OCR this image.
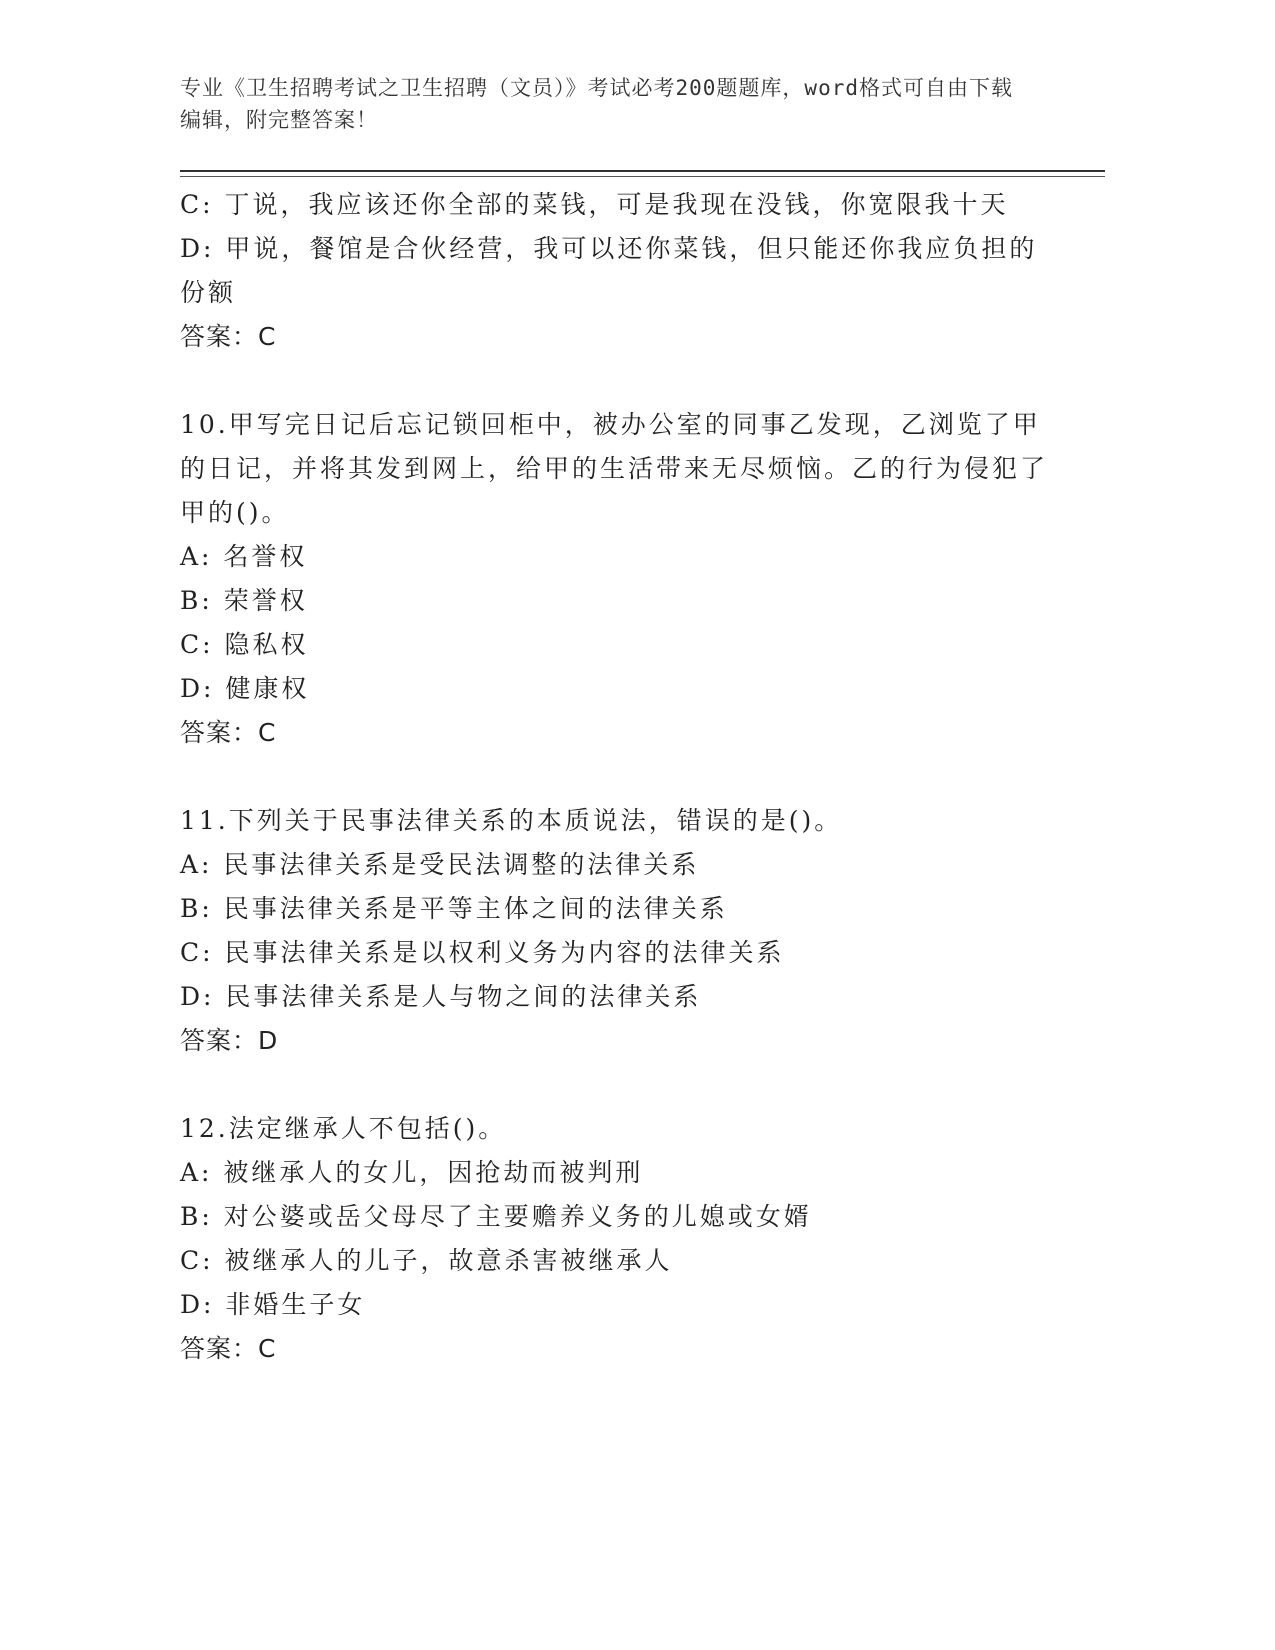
专业《卫生招聘考试之卫生招聘（文员）》考试必考200题题库，word格式可自由下载编辑，附完整答案！
C: 丁说，我应该还你全部的菜钱，可是我现在没钱，你宽限我十天
D: 甲说，餐馆是合伙经营，我可以还你菜钱，但只能还你我应负担的份额
答案：C
10.甲写完日记后忘记锁回柜中，被办公室的同事乙发现，乙浏览了甲的日记，并将其发到网上，给甲的生活带来无尽烦恼。乙的行为侵犯了甲的()。
A: 名誉权
B: 荣誉权
C: 隐私权
D: 健康权
答案：C
11.下列关于民事法律关系的本质说法，错误的是()。
A: 民事法律关系是受民法调整的法律关系
B: 民事法律关系是平等主体之间的法律关系
C: 民事法律关系是以权利义务为内容的法律关系
D: 民事法律关系是人与物之间的法律关系
答案：D
12.法定继承人不包括()。
A: 被继承人的女儿，因抢劫而被判刑
B: 对公婆或岳父母尽了主要赡养义务的儿媳或女婿
C: 被继承人的儿子，故意杀害被继承人
D: 非婚生子女
答案：C
